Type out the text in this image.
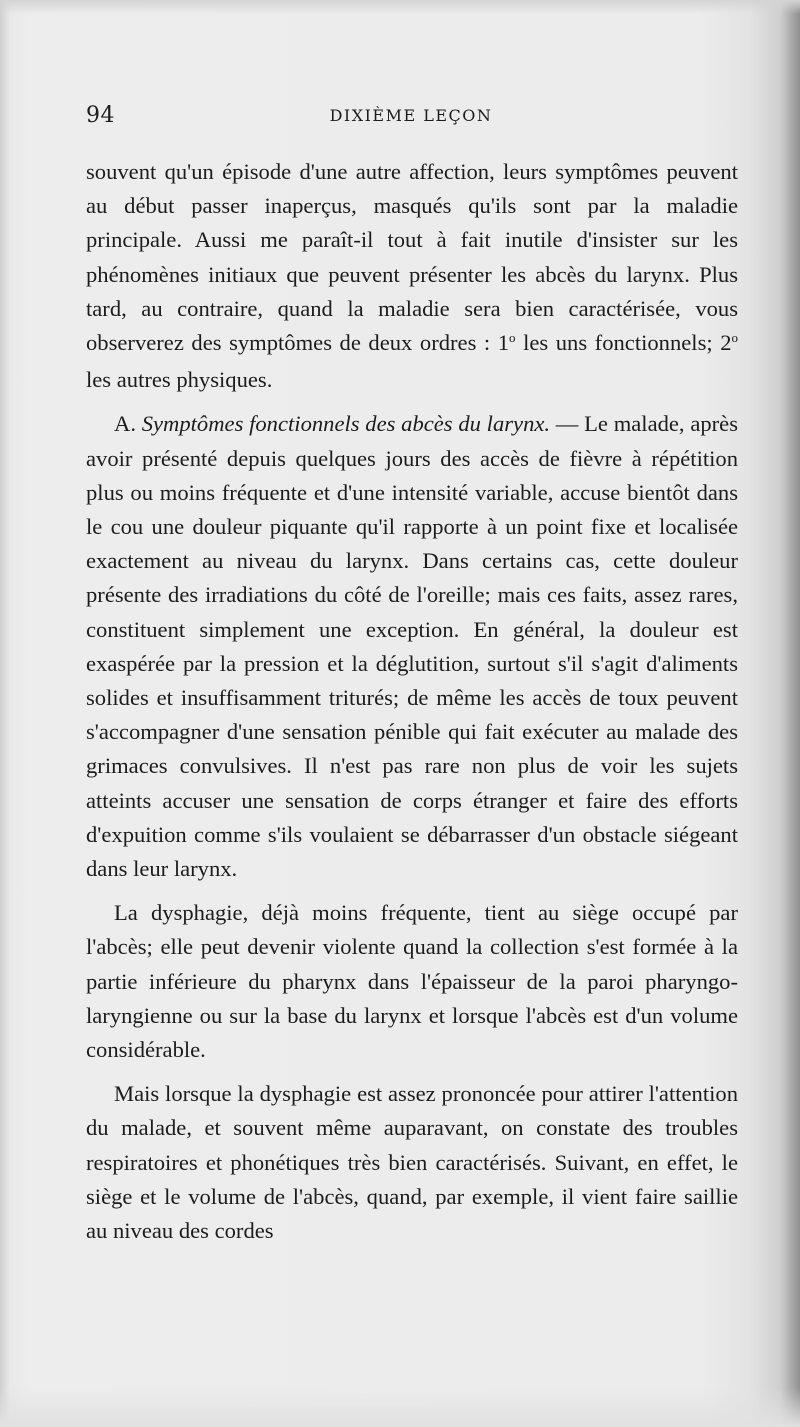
94	DIXIÈME LEÇON

souvent qu'un épisode d'une autre affection, leurs symptômes peuvent au début passer inaperçus, masqués qu'ils sont par la maladie principale. Aussi me paraît-il tout à fait inutile d'insister sur les phénomènes initiaux que peuvent présenter les abcès du larynx. Plus tard, au contraire, quand la maladie sera bien caractérisée, vous observerez des symptômes de deux ordres : 1$^o$ les uns fonctionnels; 2$^o$ les autres physiques.

A. Symptômes fonctionnels des abcès du larynx. — Le malade, après avoir présenté depuis quelques jours des accès de fièvre à répétition plus ou moins fréquente et d'une intensité variable, accuse bientôt dans le cou une douleur piquante qu'il rapporte à un point fixe et localisée exactement au niveau du larynx. Dans certains cas, cette douleur présente des irradiations du côté de l'oreille; mais ces faits, assez rares, constituent simplement une exception. En général, la douleur est exaspérée par la pression et la déglutition, surtout s'il s'agit d'aliments solides et insuffisamment triturés; de même les accès de toux peuvent s'accompagner d'une sensation pénible qui fait exécuter au malade des grimaces convulsives. Il n'est pas rare non plus de voir les sujets atteints accuser une sensation de corps étranger et faire des efforts d'expuition comme s'ils voulaient se débarrasser d'un obstacle siégeant dans leur larynx.

La dysphagie, déjà moins fréquente, tient au siège occupé par l'abcès; elle peut devenir violente quand la collection s'est formée à la partie inférieure du pharynx dans l'épaisseur de la paroi pharyngo-laryngienne ou sur la base du larynx et lorsque l'abcès est d'un volume considérable.

Mais lorsque la dysphagie est assez prononcée pour attirer l'attention du malade, et souvent même auparavant, on constate des troubles respiratoires et phonétiques très bien caractérisés. Suivant, en effet, le siège et le volume de l'abcès, quand, par exemple, il vient faire saillie au niveau des cordes
